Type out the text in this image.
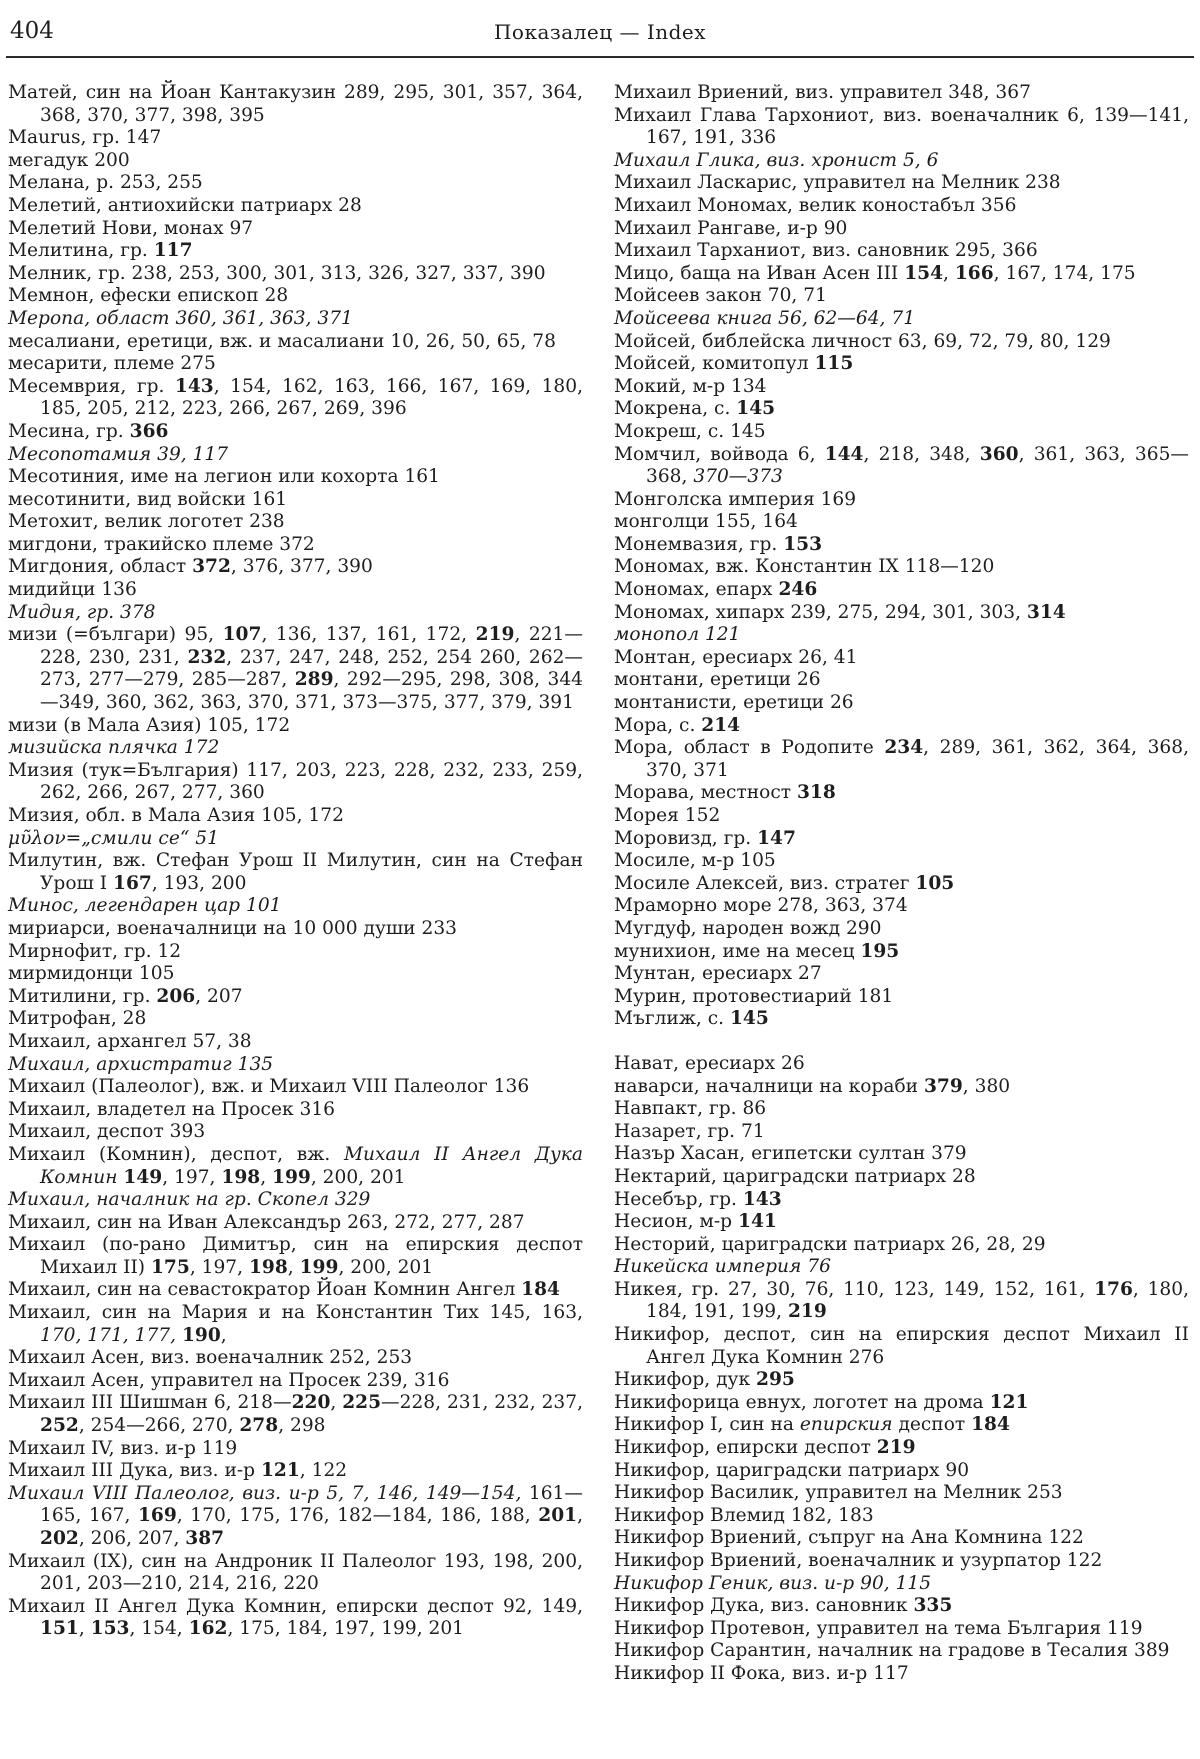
404	Показалец — Index
Матей, син на Йоан Кантакузин 289, 295, 301, 357, 364, 368, 370, 377, 398, 395
Maurus, гр. 147
мегадук 200
Мелана, р. 253, 255
Мелетий, антиохийски патриарх 28
Мелетий Нови, монах 97
Мелитина, гр. 117
Мелник, гр. 238, 253, 300, 301, 313, 326, 327, 337, 390
Мемнон, ефески епископ 28
Меропа, област 360, 361, 363, 371
месалиани, еретици, вж. и масалиани 10, 26, 50, 65, 78
месарити, племе 275
Месемврия, гр. 143, 154, 162, 163, 166, 167, 169, 180, 185, 205, 212, 223, 266, 267, 269, 396
Месина, гр. 366
Месопотамия 39, 117
Месотиния, име на легион или кохорта 161
месотинити, вид войски 161
Метохит, велик логотет 238
мигдони, тракийско племе 372
Мигдония, област 372, 376, 377, 390
мидийци 136
Мидия, гр. 378
мизи (=българи) 95, 107, 136, 137, 161, 172, 219, 221—228, 230, 231, 232, 237, 247, 248, 252, 254 260, 262—273, 277—279, 285—287, 289, 292—295, 298, 308, 344—349, 360, 362, 363, 370, 371, 373—375, 377, 379, 391
мизи (в Мала Азия) 105, 172
мизийска плячка 172
Мизия (тук=България) 117, 203, 223, 228, 232, 233, 259, 262, 266, 267, 277, 360
Мизия, обл. в Мала Азия 105, 172
μῦλον=„смили се“ 51
Милутин, вж. Стефан Урош II Милутин, син на Стефан Урош I 167, 193, 200
Минос, легендарен цар 101
мириарси, военачалници на 10 000 души 233
Мирнофит, гр. 12
мирмидонци 105
Митилини, гр. 206, 207
Митрофан, 28
Михаил, архангел 57, 38
Михаил, архистратиг 135
Михаил (Палеолог), вж. и Михаил VIII Палеолог 136
Михаил, владетел на Просек 316
Михаил, деспот 393
Михаил (Комнин), деспот, вж. Михаил II Ангел Дука Комнин 149, 197, 198, 199, 200, 201
Михаил, началник на гр. Скопел 329
Михаил, син на Иван Александър 263, 272, 277, 287
Михаил (по-рано Димитър, син на епирския деспот Михаил II) 175, 197, 198, 199, 200, 201
Михаил, син на севастократор Йоан Комнин Ангел 184
Михаил, син на Мария и на Константин Тих 145, 163, 170, 171, 177, 190,
Михаил Асен, виз. военачалник 252, 253
Михаил Асен, управител на Просек 239, 316
Михаил III Шишман 6, 218—220, 225—228, 231, 232, 237, 252, 254—266, 270, 278, 298
Михаил IV, виз. и-р 119
Михаил III Дука, виз. и-р 121, 122
Михаил VIII Палеолог, виз. и-р 5, 7, 146, 149—154, 161—165, 167, 169, 170, 175, 176, 182—184, 186, 188, 201, 202, 206, 207, 387
Михаил (IX), син на Андроник II Палеолог 193, 198, 200, 201, 203—210, 214, 216, 220
Михаил II Ангел Дука Комнин, епирски деспот 92, 149, 151, 153, 154, 162, 175, 184, 197, 199, 201
Михаил Вриений, виз. управител 348, 367
Михаил Глава Тархониот, виз. военачалник 6, 139—141, 167, 191, 336
Михаил Глика, виз. хронист 5, 6
Михаил Ласкарис, управител на Мелник 238
Михаил Мономах, велик коностабъл 356
Михаил Рангаве, и-р 90
Михаил Тарханиот, виз. сановник 295, 366
Мицо, баща на Иван Асен III 154, 166, 167, 174, 175
Мойсеев закон 70, 71
Мойсеева книга 56, 62—64, 71
Мойсей, библейска личност 63, 69, 72, 79, 80, 129
Мойсей, комитопул 115
Мокий, м-р 134
Мокрена, с. 145
Мокреш, с. 145
Момчил, войвода 6, 144, 218, 348, 360, 361, 363, 365—368, 370—373
Монголска империя 169
монголци 155, 164
Монемвазия, гр. 153
Мономах, вж. Константин IX 118—120
Мономах, епарх 246
Мономах, хипарх 239, 275, 294, 301, 303, 314
монопол 121
Монтан, ересиарх 26, 41
монтани, еретици 26
монтанисти, еретици 26
Мора, с. 214
Мора, област в Родопите 234, 289, 361, 362, 364, 368, 370, 371
Морава, местност 318
Морея 152
Моровизд, гр. 147
Мосиле, м-р 105
Мосиле Алексей, виз. стратег 105
Мраморно море 278, 363, 374
Мугдуф, народен вожд 290
мунихион, име на месец 195
Мунтан, ересиарх 27
Мурин, протовестиарий 181
Мъглиж, с. 145
Нават, ересиарх 26
наварси, началници на кораби 379, 380
Навпакт, гр. 86
Назарет, гр. 71
Назър Хасан, египетски султан 379
Нектарий, цариградски патриарх 28
Несебър, гр. 143
Несион, м-р 141
Несторий, цариградски патриарх 26, 28, 29
Никейска империя 76
Никея, гр. 27, 30, 76, 110, 123, 149, 152, 161, 176, 180, 184, 191, 199, 219
Никифор, деспот, син на епирския деспот Михаил II Ангел Дука Комнин 276
Никифор, дук 295
Никифорица евнух, логотет на дрома 121
Никифор I, син на епирския деспот 184
Никифор, епирски деспот 219
Никифор, цариградски патриарх 90
Никифор Василик, управител на Мелник 253
Никифор Влемид 182, 183
Никифор Вриений, съпруг на Ана Комнина 122
Никифор Вриений, военачалник и узурпатор 122
Никифор Геник, виз. и-р 90, 115
Никифор Дука, виз. сановник 335
Никифор Протевон, управител на тема България 119
Никифор Сарантин, началник на градове в Тесалия 389
Никифор II Фока, виз. и-р 117
